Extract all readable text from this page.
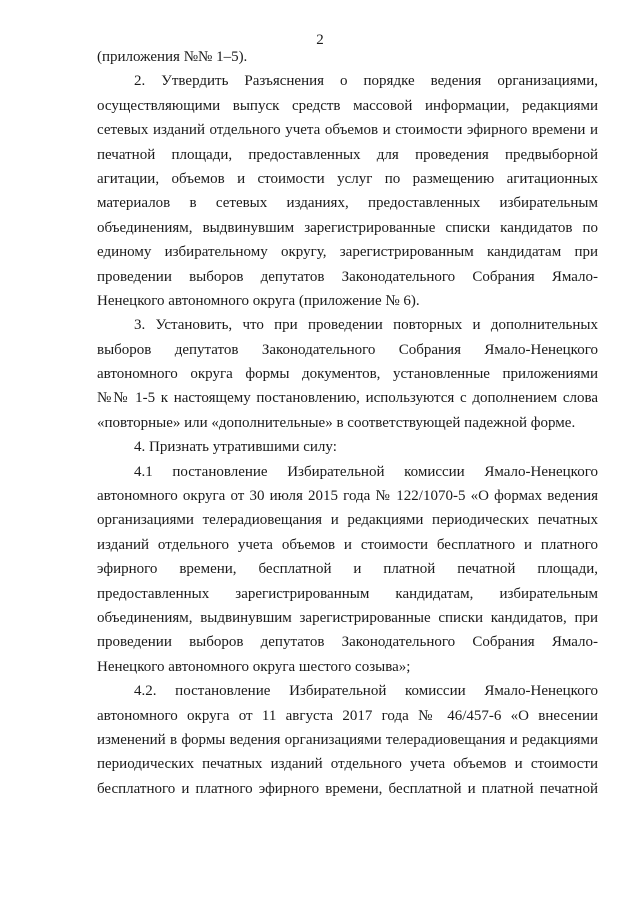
2
(приложения №№ 1–5).
2. Утвердить Разъяснения о порядке ведения организациями,
осуществляющими выпуск средств массовой информации, редакциями
сетевых изданий отдельного учета объемов и стоимости эфирного времени и
печатной площади, предоставленных для проведения предвыборной
агитации, объемов и стоимости услуг по размещению агитационных
материалов в сетевых изданиях, предоставленных избирательным
объединениям, выдвинувшим зарегистрированные списки кандидатов по
единому избирательному округу, зарегистрированным кандидатам при
проведении выборов депутатов Законодательного Собрания Ямало-
Ненецкого автономного округа (приложение № 6).
3. Установить, что при проведении повторных и дополнительных
выборов депутатов Законодательного Собрания Ямало-Ненецкого
автономного округа формы документов, установленные приложениями
№№ 1-5 к настоящему постановлению, используются с дополнением слова
«повторные» или «дополнительные» в соответствующей падежной форме.
4. Признать утратившими силу:
4.1 постановление Избирательной комиссии Ямало-Ненецкого
автономного округа от 30 июля 2015 года № 122/1070-5 «О формах ведения
организациями телерадиовещания и редакциями периодических печатных
изданий отдельного учета объемов и стоимости бесплатного и платного
эфирного времени, бесплатной и платной печатной площади,
предоставленных зарегистрированным кандидатам, избирательным
объединениям, выдвинувшим зарегистрированные списки кандидатов, при
проведении выборов депутатов Законодательного Собрания Ямало-
Ненецкого автономного округа шестого созыва»;
4.2. постановление Избирательной комиссии Ямало-Ненецкого
автономного округа от 11 августа 2017 года № 46/457-6 «О внесении
изменений в формы ведения организациями телерадиовещания и редакциями
периодических печатных изданий отдельного учета объемов и стоимости
бесплатного и платного эфирного времени, бесплатной и платной печатной
